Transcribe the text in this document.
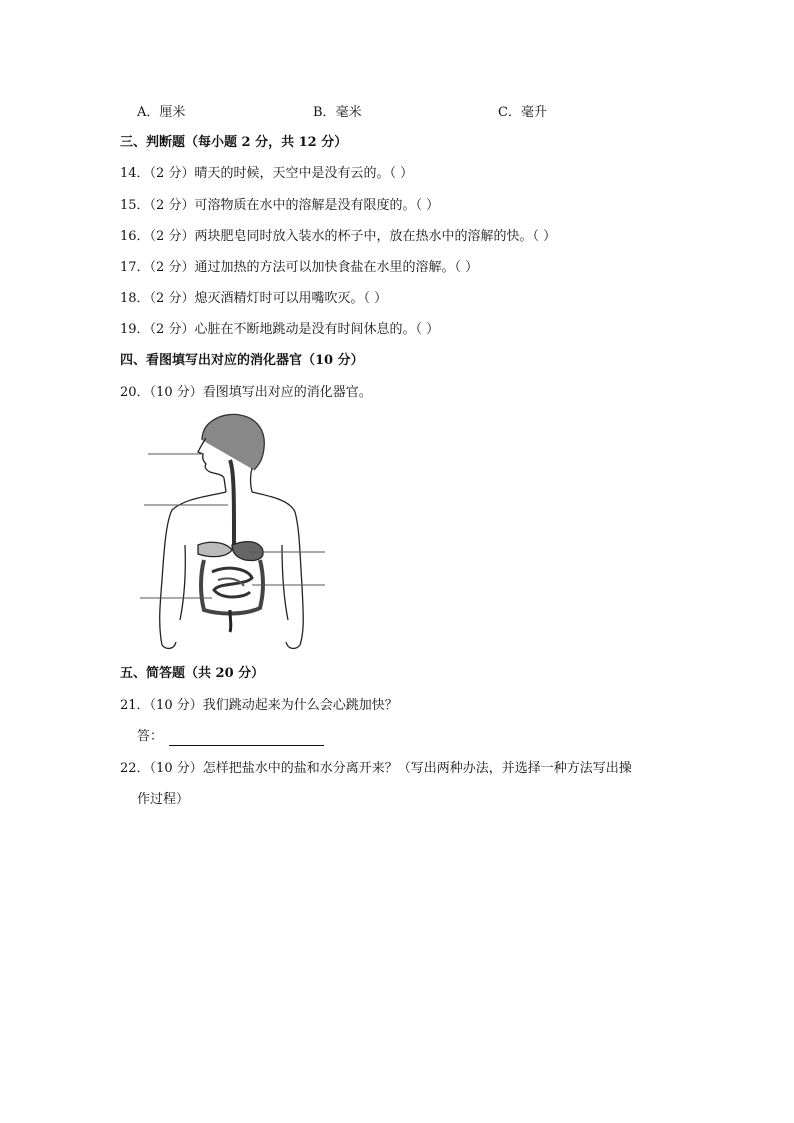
A．厘米	B．毫米	C．毫升
三、判断题（每小题 2 分，共 12 分）
14．（2 分）晴天的时候，天空中是没有云的。（ ）
15．（2 分）可溶物质在水中的溶解是没有限度的。（ ）
16．（2 分）两块肥皂同时放入装水的杯子中，放在热水中的溶解的快。（ ）
17．（2 分）通过加热的方法可以加快食盐在水里的溶解。（ ）
18．（2 分）熄灭酒精灯时可以用嘴吹灭。（ ）
19．（2 分）心脏在不断地跳动是没有时间休息的。（ ）
四、看图填写出对应的消化器官（10 分）
20．（10 分）看图填写出对应的消化器官。
五、简答题（共 20 分）
21．（10 分）我们跳动起来为什么会心跳加快？
答：
22．（10 分）怎样把盐水中的盐和水分离开来？（写出两种办法，并选择一种方法写出操
作过程）
